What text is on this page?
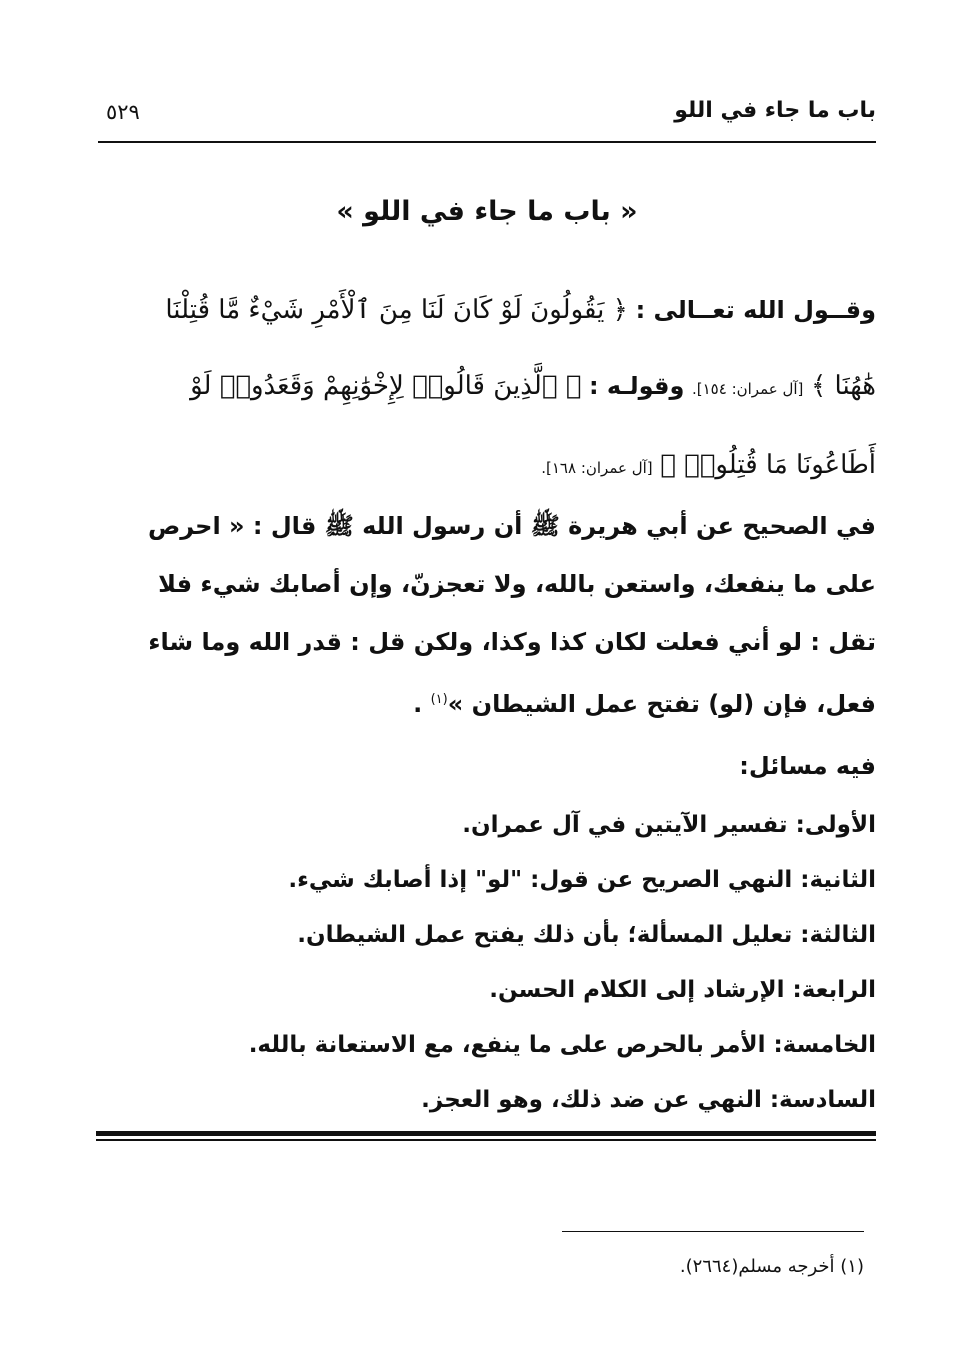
باب ما جاء في اللو
٥٢٩
« باب ما جاء في اللو »
وقــول الله تعــالى : ﴿ يَقُولُونَ لَوْ كَانَ لَنَا مِنَ ٱلْأَمْرِ شَيْءٌ مَّا قُتِلْنَا
هَٰهُنَا ﴾ [آل عمران: ١٥٤]. وقولـه : ﴿ ٱلَّذِينَ قَالُوا۟ لِإِخْوَٰنِهِمْ وَقَعَدُوا۟ لَوْ
أَطَاعُونَا مَا قُتِلُوا۟ ﴾ [آل عمران: ١٦٨].
في الصحيح عن أبي هريرة ﷺ أن رسول الله ﷺ قال : « احرص
على ما ينفعك، واستعن بالله، ولا تعجزنّ، وإن أصابك شيء فلا
تقل : لو أني فعلت لكان كذا وكذا، ولكن قل : قدر الله وما شاء
فعل، فإن (لو) تفتح عمل الشيطان »$^{(١)}$ .
فيه مسائل:
الأولى: تفسير الآيتين في آل عمران.
الثانية: النهي الصريح عن قول: "لو" إذا أصابك شيء.
الثالثة: تعليل المسألة؛ بأن ذلك يفتح عمل الشيطان.
الرابعة: الإرشاد إلى الكلام الحسن.
الخامسة: الأمر بالحرص على ما ينفع، مع الاستعانة بالله.
السادسة: النهي عن ضد ذلك، وهو العجز.
(١) أخرجه مسلم(٢٦٦٤).
